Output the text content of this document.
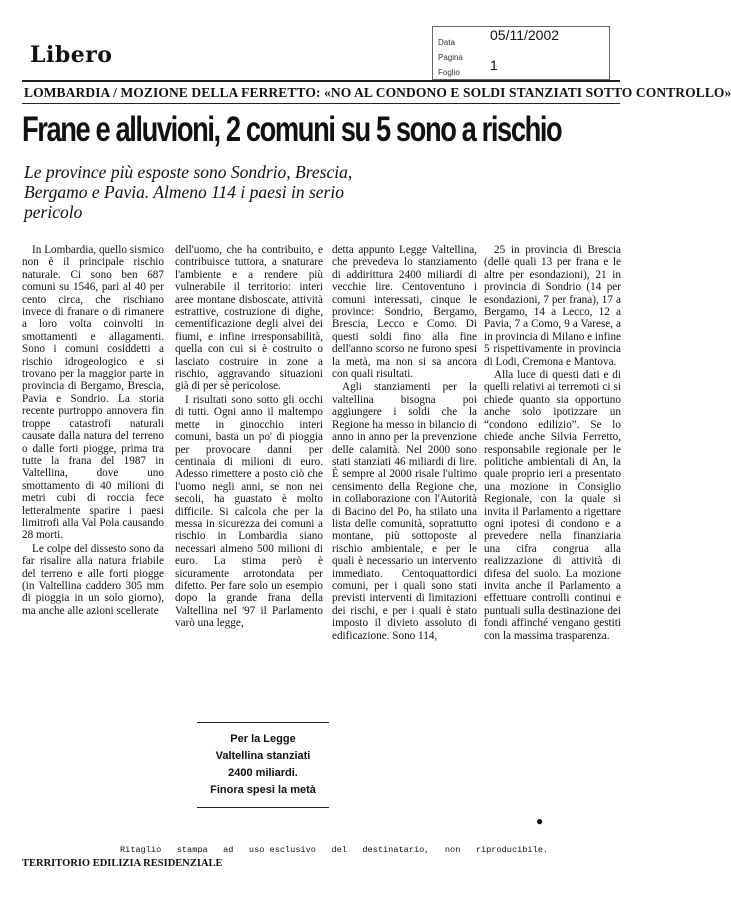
Libero	Data	05/11/2002
Pagina
Foglio 1
LOMBARDIA / MOZIONE DELLA FERRETTO: «NO AL CONDONO E SOLDI STANZIATI SOTTO CONTROLLO»
Frane e alluvioni, 2 comuni su 5 sono a rischio
Le province più esposte sono Sondrio, Brescia, Bergamo e Pavia. Almeno 114 i paesi in serio pericolo

In Lombardia, quello sismico non è il principale rischio naturale. Ci sono ben 687 comuni su 1546, pari al 40 per cento circa, che rischiano invece di franare o di rimanere a loro volta coinvolti in smottamenti e allagamenti. Sono i comuni cosiddetti a rischio idrogeologico e si trovano per la maggior parte in provincia di Bergamo, Brescia, Pavia e Sondrio. La storia recente purtroppo annovera fin troppe catastrofi naturali causate dalla natura del terreno o dalle forti piogge, prima tra tutte la frana del 1987 in Valtellina, dove uno smottamento di 40 milioni di metri cubi di roccia fece letteralmente sparire i paesi limitrofi alla Val Pola causando 28 morti.

Le colpe del dissesto sono da far risalire alla natura friabile del terreno e alle forti piogge (in Valtellina caddero 305 mm di pioggia in un solo giorno), ma anche alle azioni scellerate

dell'uomo, che ha contribuito, e contribuisce tuttora, a snaturare l'ambiente e a rendere più vulnerabile il territorio: interi aree montane disboscate, attività estrattive, costruzione di dighe, cementificazione degli alvei dei fiumi, e infine irresponsabilità, quella con cui si è costruito o lasciato costruire in zone a rischio, aggravando situazioni già di per sè pericolose.

I risultati sono sotto gli occhi di tutti. Ogni anno il maltempo mette in ginocchio interi comuni, basta un po' di pioggia per provocare danni per centinaia di milioni di euro. Adesso rimettere a posto ciò che l'uomo negli anni, se non nei secoli, ha guastato è molto difficile. Si calcola che per la messa in sicurezza dei comuni a rischio in Lombardia siano necessari almeno 500 milioni di euro. La stima però è sicuramente arrotondata per difetto. Per fare solo un esempio dopo la grande frana della Valtellina nel '97 il Parlamento varò una legge,

detta appunto Legge Valtellina, che prevedeva lo stanziamento di addirittura 2400 miliardi di vecchie lire. Centoventuno i comuni interessati, cinque le province: Sondrio, Bergamo, Brescia, Lecco e Como. Di questi soldi fino alla fine dell'anno scorso ne furono spesi la metà, ma non si sa ancora con quali risultati.

Agli stanziamenti per la valtellina bisogna poi aggiungere i soldi che la Regione ha messo in bilancio di anno in anno per la prevenzione delle calamità. Nel 2000 sono stati stanziati 46 miliardi di lire. È sempre al 2000 risale l'ultimo censimento della Regione che, in collaborazione con l'Autorità di Bacino del Po, ha stilato una lista delle comunità, soprattutto montane, più sottoposte al rischio ambientale, e per le quali è necessario un intervento immediato. Centoquattordici comuni, per i quali sono stati previsti interventi di limitazioni dei rischi, e per i quali è stato imposto il divieto assoluto di edificazione. Sono 114,

25 in provincia di Brescia (delle quali 13 per frana e le altre per esondazioni), 21 in provincia di Sondrio (14 per esondazioni, 7 per frana), 17 a Bergamo, 14 a Lecco, 12 a Pavia, 7 a Como, 9 a Varese, a in provincia di Milano e infine 5 rispettivamente in provincia di Lodi, Cremona e Mantova.

Alla luce di questi dati e di quelli relativi ai terremoti ci si chiede quanto sia opportuno anche solo ipotizzare un “condono edilizio”. Se lo chiede anche Silvia Ferretto, responsabile regionale per le politiche ambientali di An, la quale proprio ieri a presentato una mozione in Consiglio Regionale, con la quale si invita il Parlamento a rigettare ogni ipotesi di condono e a prevedere nella finanziaria una cifra congrua alla realizzazione di attività di difesa del suolo. La mozione invita anche il Parlamento a effettuare controlli continui e puntuali sulla destinazione dei fondi affinché vengano gestiti con la massima trasparenza.

Per la Legge
Valtellina stanziati
2400 miliardi.
Finora spesi la metà
●
Ritaglio   stampa   ad   uso esclusivo   del   destinatario,   non   riproducibile.
TERRITORIO EDILIZIA RESIDENZIALE
